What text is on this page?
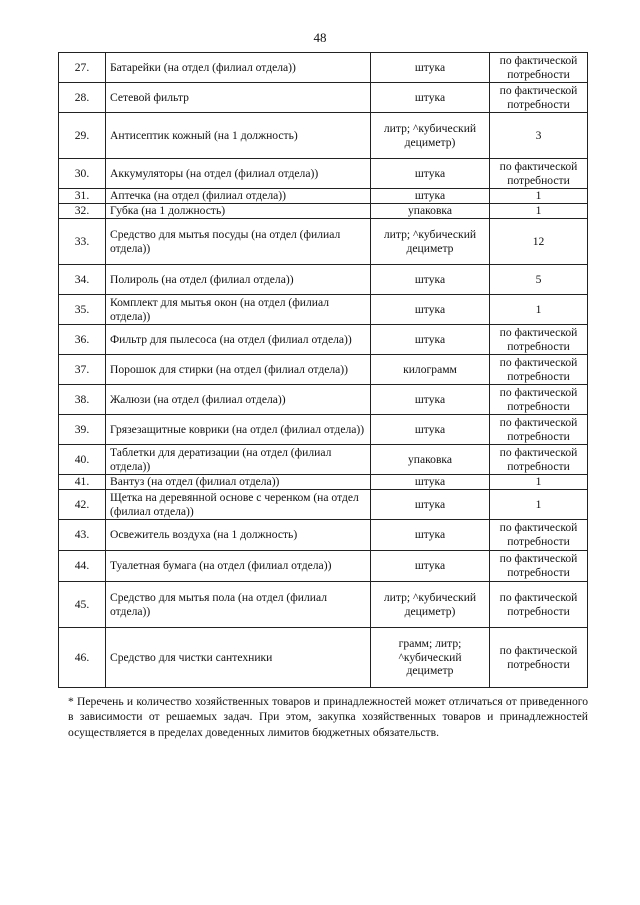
48
27.	Батарейки (на отдел (филиал отдела))	штука	по фактической потребности
28.	Сетевой фильтр	штука	по фактической потребности
29.	Антисептик кожный (на 1 должность)	литр; ^кубический дециметр)	3
30.	Аккумуляторы (на отдел (филиал отдела))	штука	по фактической потребности
31.	Аптечка (на отдел (филиал отдела))	штука	1
32.	Губка (на 1 должность)	упаковка	1
33.	Средство для мытья посуды (на отдел (филиал отдела))	литр; ^кубический дециметр	12
34.	Полироль (на отдел (филиал отдела))	штука	5
35.	Комплект для мытья окон (на отдел (филиал отдела))	штука	1
36.	Фильтр для пылесоса (на отдел (филиал отдела))	штука	по фактической потребности
37.	Порошок для стирки (на отдел (филиал отдела))	килограмм	по фактической потребности
38.	Жалюзи (на отдел (филиал отдела))	штука	по фактической потребности
39.	Грязезащитные коврики (на отдел (филиал отдела))	штука	по фактической потребности
40.	Таблетки для дератизации (на отдел (филиал отдела))	упаковка	по фактической потребности
41.	Вантуз (на отдел (филиал отдела))	штука	1
42.	Щетка на деревянной основе с черенком (на отдел (филиал отдела))	штука	1
43.	Освежитель воздуха (на 1 должность)	штука	по фактической потребности
44.	Туалетная бумага (на отдел (филиал отдела))	штука	по фактической потребности
45.	Средство для мытья пола (на отдел (филиал отдела))	литр; ^кубический дециметр)	по фактической потребности
46.	Средство для чистки сантехники	грамм; литр; ^кубический дециметр	по фактической потребности
* Перечень и количество хозяйственных товаров и принадлежностей может отличаться от приведенного в зависимости от решаемых задач. При этом, закупка хозяйственных товаров и принадлежностей осуществляется в пределах доведенных лимитов бюджетных обязательств.
